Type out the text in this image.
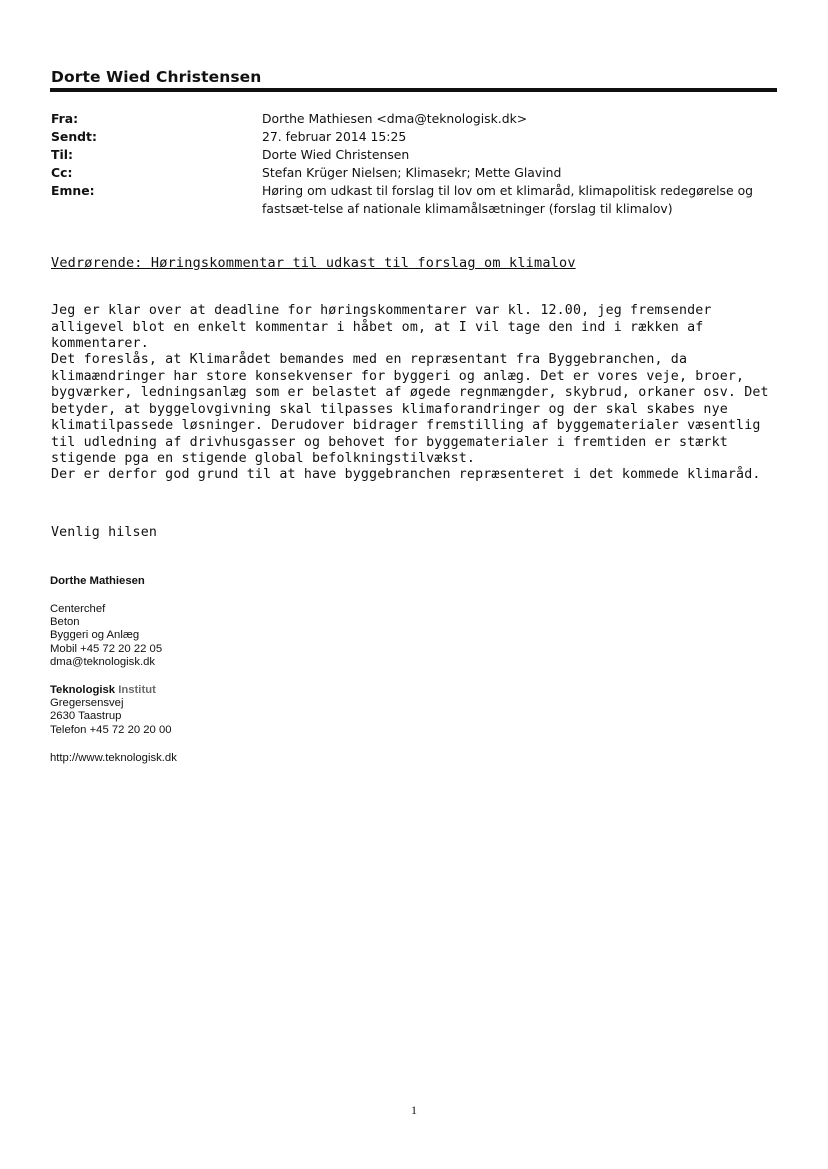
Dorte Wied Christensen
Fra:	Dorthe Mathiesen <dma@teknologisk.dk>
Sendt:	27. februar 2014 15:25
Til:	Dorte Wied Christensen
Cc:	Stefan Krüger Nielsen; Klimasekr; Mette Glavind
Emne:	Høring om udkast til forslag til lov om et klimaråd, klimapolitisk redegørelse og fastsæt-telse af nationale klimamålsætninger (forslag til klimalov)
Vedrørende: Høringskommentar til udkast til forslag om klimalov
Jeg er klar over at deadline for høringskommentarer var kl. 12.00, jeg fremsender alligevel blot en enkelt kommentar i håbet om, at I vil tage den ind i rækken af kommentarer.
Det foreslås, at Klimarådet bemandes med en repræsentant fra Byggebranchen, da klimaændringer har store konsekvenser for byggeri og anlæg. Det er vores veje, broer, bygværker, ledningsanlæg som er belastet af øgede regnmængder, skybrud, orkaner osv. Det betyder, at byggelovgivning skal tilpasses klimaforandringer og der skal skabes nye klimatilpassede løsninger. Derudover bidrager fremstilling af byggematerialer væsentlig til udledning af drivhusgasser og behovet for byggematerialer i fremtiden er stærkt stigende pga en stigende global befolkningstilvækst.
Der er derfor god grund til at have byggebranchen repræsenteret i det kommede klimaråd.
Venlig hilsen
Dorthe Mathiesen
Centerchef
Beton
Byggeri og Anlæg
Mobil +45 72 20 22 05
dma@teknologisk.dk
Teknologisk Institut
Gregersensvej
2630 Taastrup
Telefon +45 72 20 20 00
http://www.teknologisk.dk
1
